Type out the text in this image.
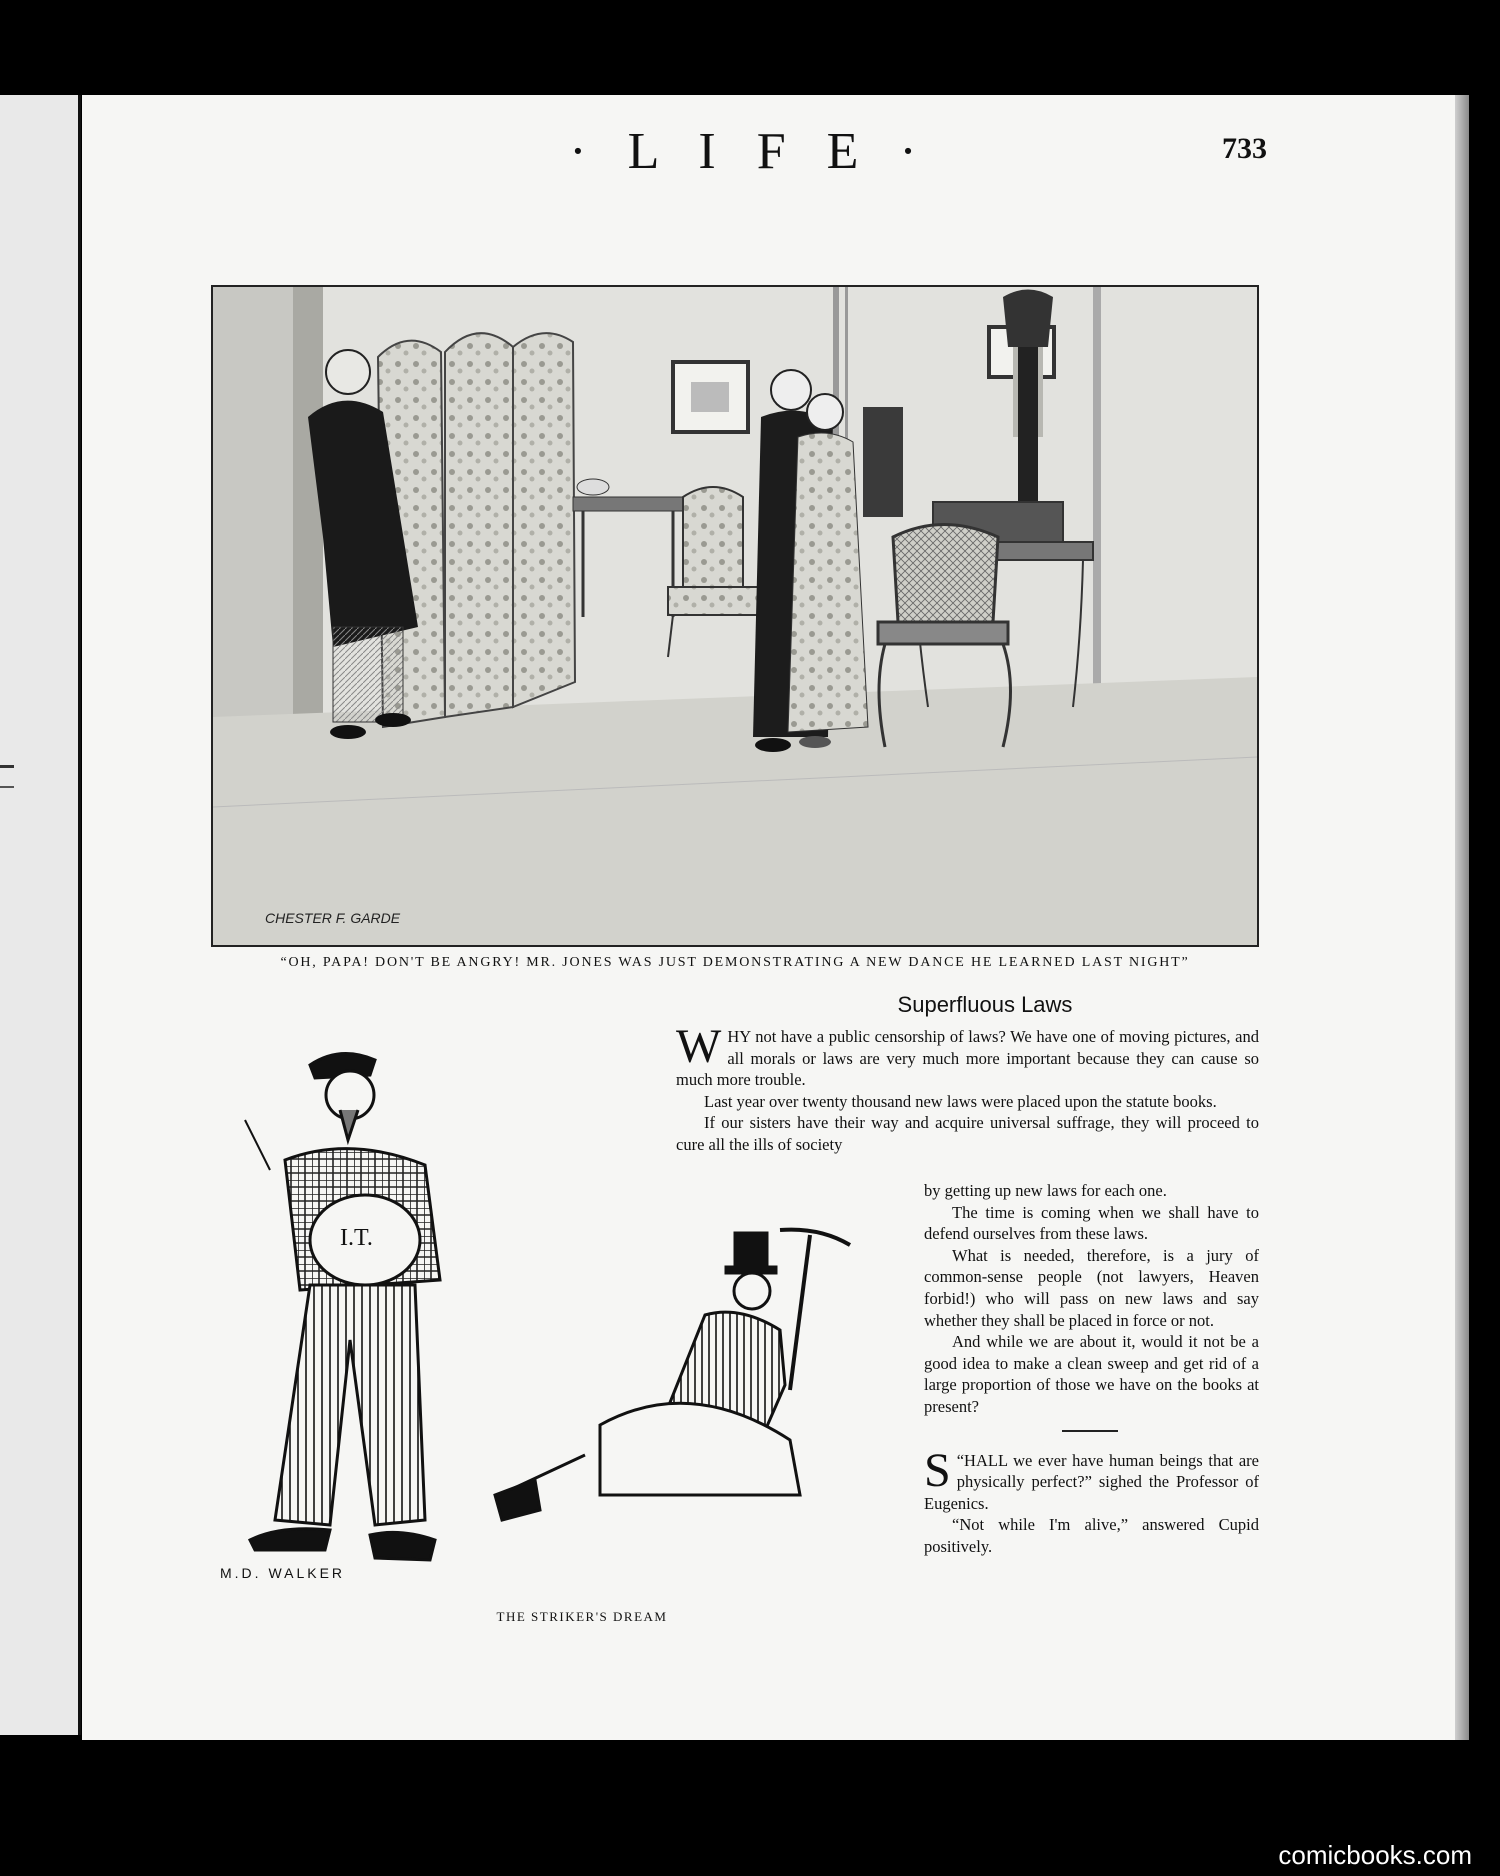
· L I F E ·	733
CHESTER F. GARDE
“OH, PAPA! DON'T BE ANGRY! MR. JONES WAS JUST DEMONSTRATING A NEW DANCE HE LEARNED LAST NIGHT”
Superfluous Laws

WHY not have a public censorship of laws? We have one of moving pictures, and all morals or laws are very much more important because they can cause so much more trouble.

Last year over twenty thousand new laws were placed upon the statute books.

If our sisters have their way and acquire universal suffrage, they will proceed to cure all the ills of society

by getting up new laws for each one.

The time is coming when we shall have to defend ourselves from these laws.

What is needed, therefore, is a jury of common-sense people (not lawyers, Heaven forbid!) who will pass on new laws and say whether they shall be placed in force or not.

And while we are about it, would it not be a good idea to make a clean sweep and get rid of a large proportion of those we have on the books at present?

“
S HALL we ever have human beings that are physically perfect?” sighed the Professor of Eugenics.

“Not while I'm alive,” answered Cupid positively.

I.T.
M.D. WALKER
THE STRIKER'S DREAM
comicbooks.com
